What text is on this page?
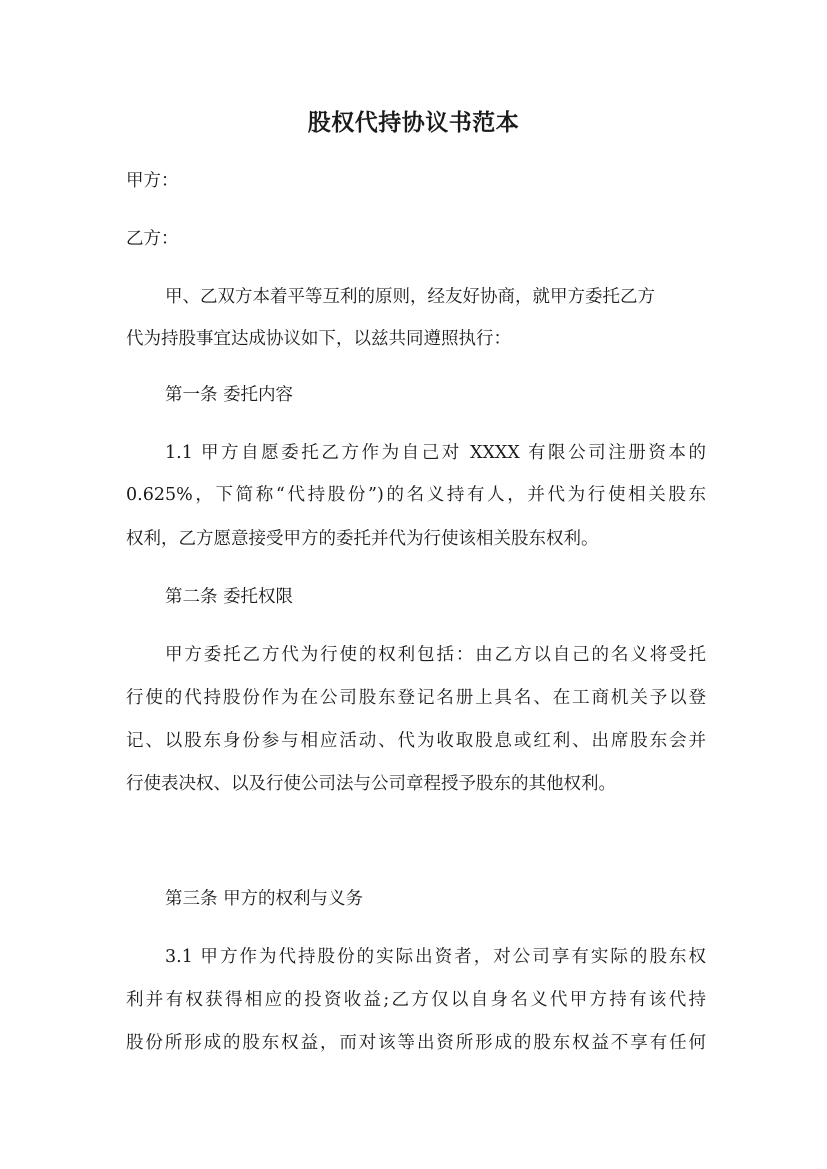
股权代持协议书范本
甲方：
乙方：
甲、乙双方本着平等互利的原则，经友好协商，就甲方委托乙方
代为持股事宜达成协议如下，以兹共同遵照执行：
第一条 委托内容
1.1 甲方自愿委托乙方作为自己对 XXXX 有限公司注册资本的
0.625%，下简称“代持股份”)的名义持有人，并代为行使相关股东
权利，乙方愿意接受甲方的委托并代为行使该相关股东权利。
第二条 委托权限
甲方委托乙方代为行使的权利包括：由乙方以自己的名义将受托
行使的代持股份作为在公司股东登记名册上具名、在工商机关予以登
记、以股东身份参与相应活动、代为收取股息或红利、出席股东会并
行使表决权、以及行使公司法与公司章程授予股东的其他权利。
第三条 甲方的权利与义务
3.1 甲方作为代持股份的实际出资者，对公司享有实际的股东权
利并有权获得相应的投资收益;乙方仅以自身名义代甲方持有该代持
股份所形成的股东权益，而对该等出资所形成的股东权益不享有任何
